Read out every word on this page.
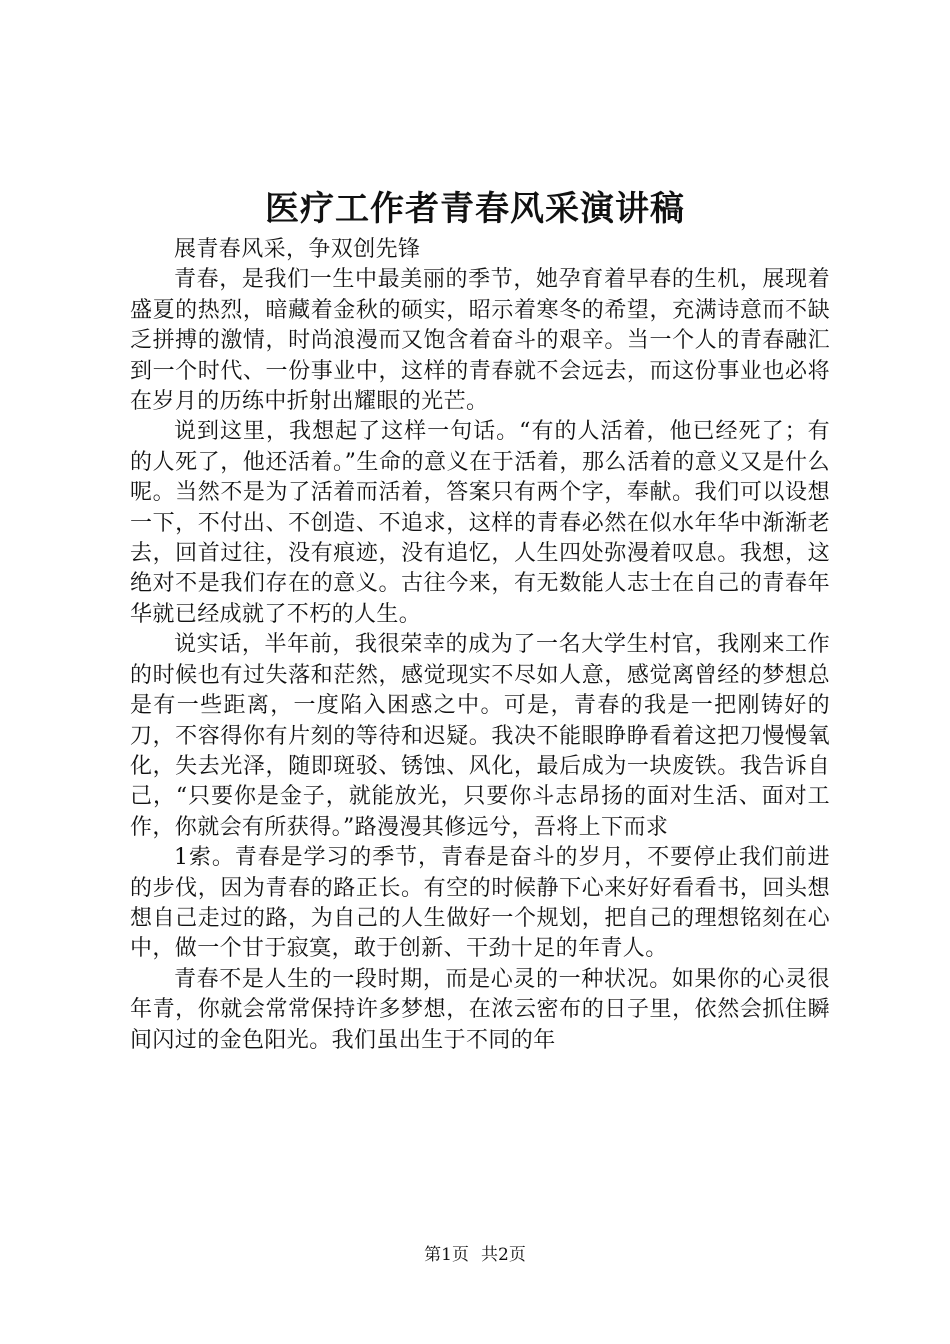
医疗工作者青春风采演讲稿

展青春风采，争双创先锋

青春，是我们一生中最美丽的季节，她孕育着早春的生机，展现着盛夏的热烈，暗藏着金秋的硕实，昭示着寒冬的希望，充满诗意而不缺乏拼搏的激情，时尚浪漫而又饱含着奋斗的艰辛。当一个人的青春融汇到一个时代、一份事业中，这样的青春就不会远去，而这份事业也必将在岁月的历练中折射出耀眼的光芒。

说到这里，我想起了这样一句话。“有的人活着，他已经死了；有的人死了，他还活着。”生命的意义在于活着，那么活着的意义又是什么呢。当然不是为了活着而活着，答案只有两个字，奉献。我们可以设想一下，不付出、不创造、不追求，这样的青春必然在似水年华中渐渐老去，回首过往，没有痕迹，没有追忆，人生四处弥漫着叹息。我想，这绝对不是我们存在的意义。古往今来，有无数能人志士在自己的青春年华就已经成就了不朽的人生。

说实话，半年前，我很荣幸的成为了一名大学生村官，我刚来工作的时候也有过失落和茫然，感觉现实不尽如人意，感觉离曾经的梦想总是有一些距离，一度陷入困惑之中。可是，青春的我是一把刚铸好的刀，不容得你有片刻的等待和迟疑。我决不能眼睁睁看着这把刀慢慢氧化，失去光泽，随即斑驳、锈蚀、风化，最后成为一块废铁。我告诉自己，“只要你是金子，就能放光，只要你斗志昂扬的面对生活、面对工作，你就会有所获得。”路漫漫其修远兮，吾将上下而求

1索。青春是学习的季节，青春是奋斗的岁月，不要停止我们前进的步伐，因为青春的路正长。有空的时候静下心来好好看看书，回头想想自己走过的路，为自己的人生做好一个规划，把自己的理想铭刻在心中，做一个甘于寂寞，敢于创新、干劲十足的年青人。

青春不是人生的一段时期，而是心灵的一种状况。如果你的心灵很年青，你就会常常保持许多梦想，在浓云密布的日子里，依然会抓住瞬间闪过的金色阳光。我们虽出生于不同的年

第1页 共2页
